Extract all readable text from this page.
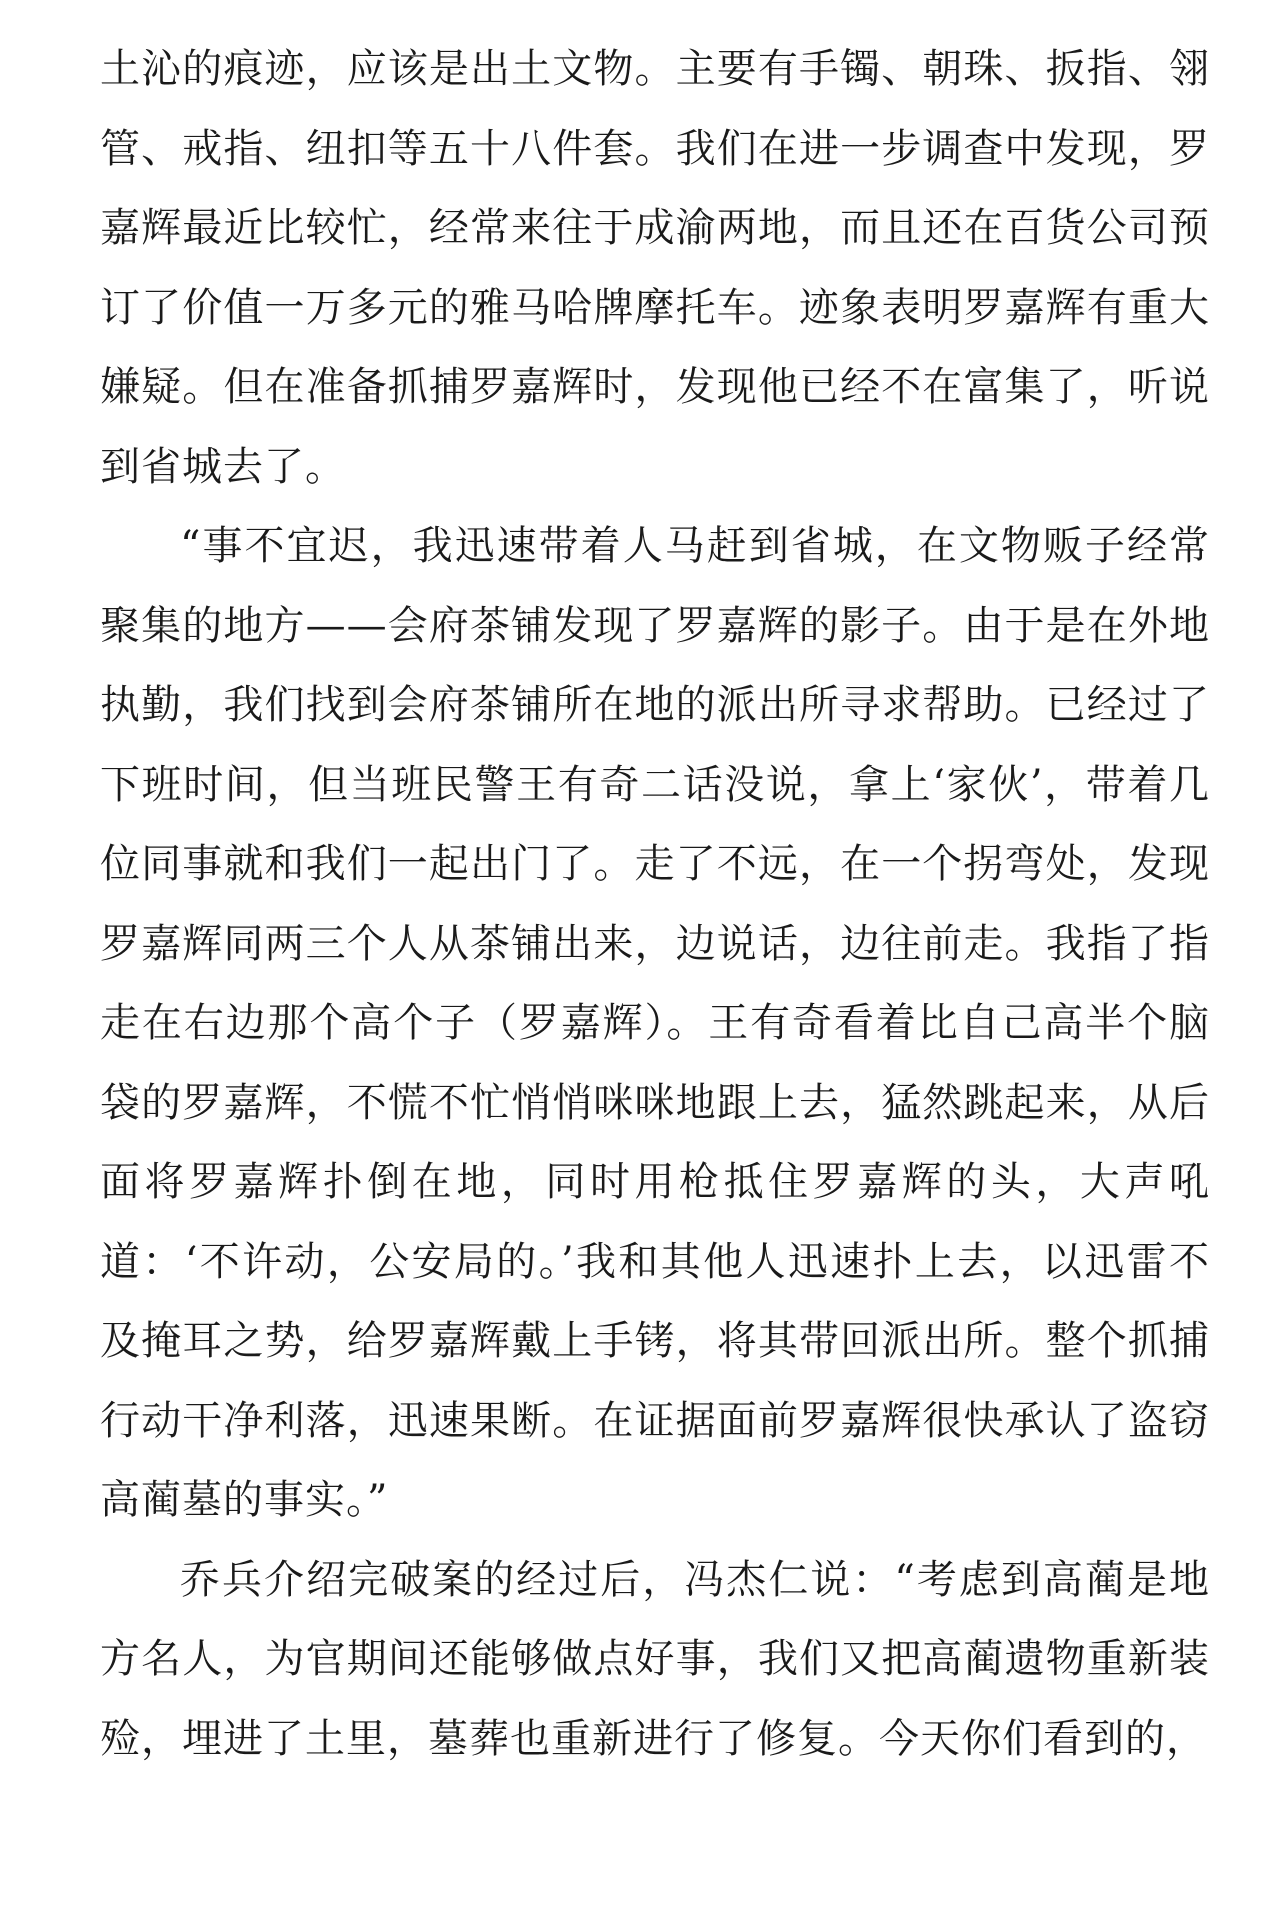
土沁的痕迹，应该是出土文物。主要有手镯、朝珠、扳指、翎管、戒指、纽扣等五十八件套。我们在进一步调查中发现，罗嘉辉最近比较忙，经常来往于成渝两地，而且还在百货公司预订了价值一万多元的雅马哈牌摩托车。迹象表明罗嘉辉有重大嫌疑。但在准备抓捕罗嘉辉时，发现他已经不在富集了，听说到省城去了。

“事不宜迟，我迅速带着人马赶到省城，在文物贩子经常聚集的地方——会府茶铺发现了罗嘉辉的影子。由于是在外地执勤，我们找到会府茶铺所在地的派出所寻求帮助。已经过了下班时间，但当班民警王有奇二话没说，拿上‘家伙’，带着几位同事就和我们一起出门了。走了不远，在一个拐弯处，发现罗嘉辉同两三个人从茶铺出来，边说话，边往前走。我指了指走在右边那个高个子（罗嘉辉）。王有奇看着比自己高半个脑袋的罗嘉辉，不慌不忙悄悄咪咪地跟上去，猛然跳起来，从后面将罗嘉辉扑倒在地，同时用枪抵住罗嘉辉的头，大声吼道：‘不许动，公安局的。’我和其他人迅速扑上去，以迅雷不及掩耳之势，给罗嘉辉戴上手铐，将其带回派出所。整个抓捕行动干净利落，迅速果断。在证据面前罗嘉辉很快承认了盗窃高蔺墓的事实。”

乔兵介绍完破案的经过后，冯杰仁说：“考虑到高蔺是地方名人，为官期间还能够做点好事，我们又把高蔺遗物重新装殓，埋进了土里，墓葬也重新进行了修复。今天你们看到的，
